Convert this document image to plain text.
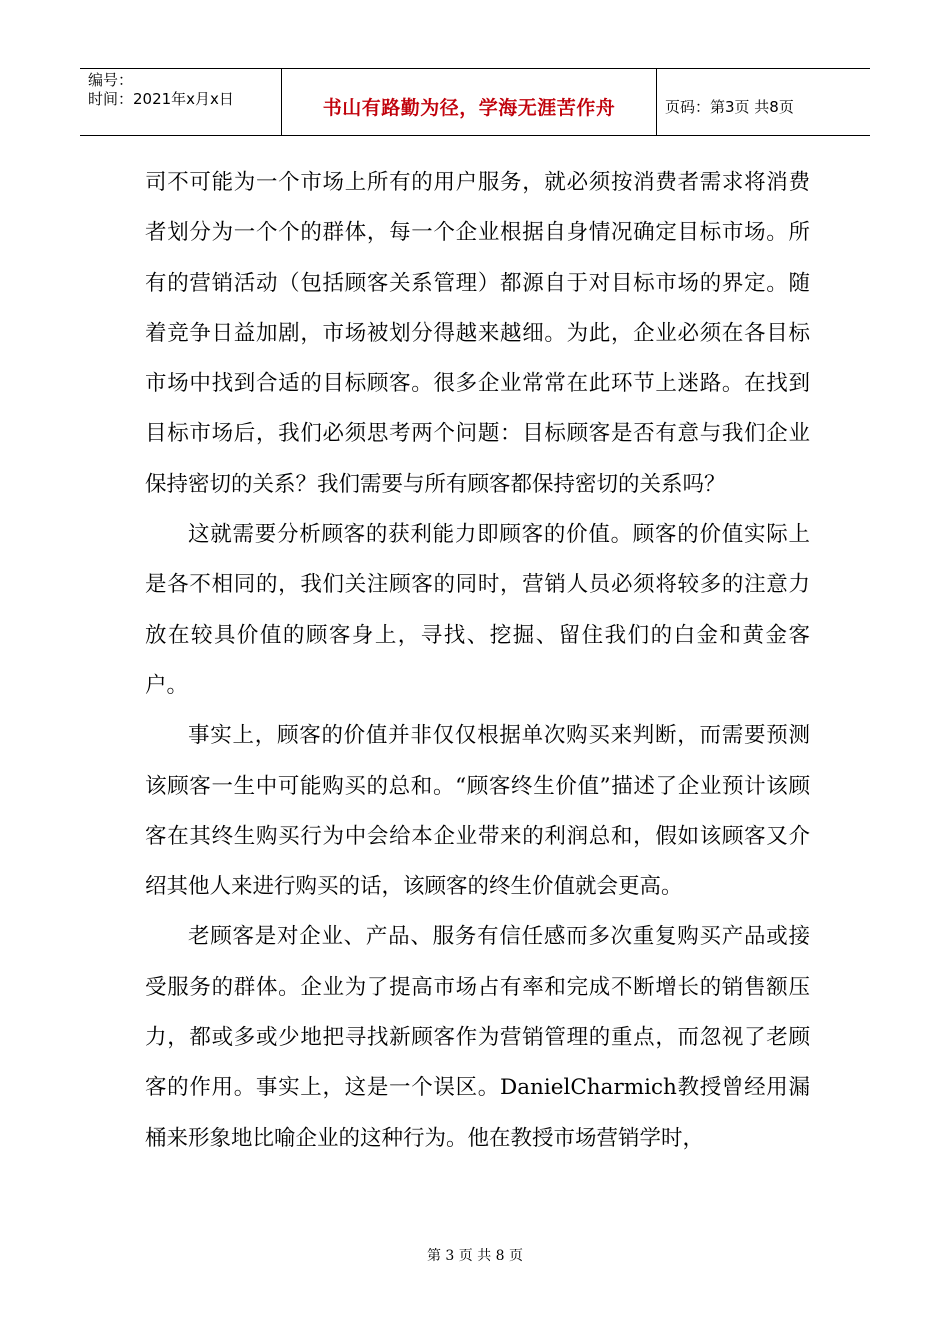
编号：
时间：2021年x月x日	书山有路勤为径，学海无涯苦作舟	页码：第3页 共8页

司不可能为一个市场上所有的用户服务，就必须按消费者需求将消费者划分为一个个的群体，每一个企业根据自身情况确定目标市场。所有的营销活动（包括顾客关系管理）都源自于对目标市场的界定。随着竞争日益加剧，市场被划分得越来越细。为此，企业必须在各目标市场中找到合适的目标顾客。很多企业常常在此环节上迷路。在找到目标市场后，我们必须思考两个问题：目标顾客是否有意与我们企业保持密切的关系？我们需要与所有顾客都保持密切的关系吗？

这就需要分析顾客的获利能力即顾客的价值。顾客的价值实际上是各不相同的，我们关注顾客的同时，营销人员必须将较多的注意力放在较具价值的顾客身上，寻找、挖掘、留住我们的白金和黄金客户。

事实上，顾客的价值并非仅仅根据单次购买来判断，而需要预测该顾客一生中可能购买的总和。“顾客终生价值”描述了企业预计该顾客在其终生购买行为中会给本企业带来的利润总和，假如该顾客又介绍其他人来进行购买的话，该顾客的终生价值就会更高。

老顾客是对企业、产品、服务有信任感而多次重复购买产品或接受服务的群体。企业为了提高市场占有率和完成不断增长的销售额压力，都或多或少地把寻找新顾客作为营销管理的重点，而忽视了老顾客的作用。事实上，这是一个误区。DanielCharmich教授曾经用漏桶来形象地比喻企业的这种行为。他在教授市场营销学时，

第 3 页 共 8 页
